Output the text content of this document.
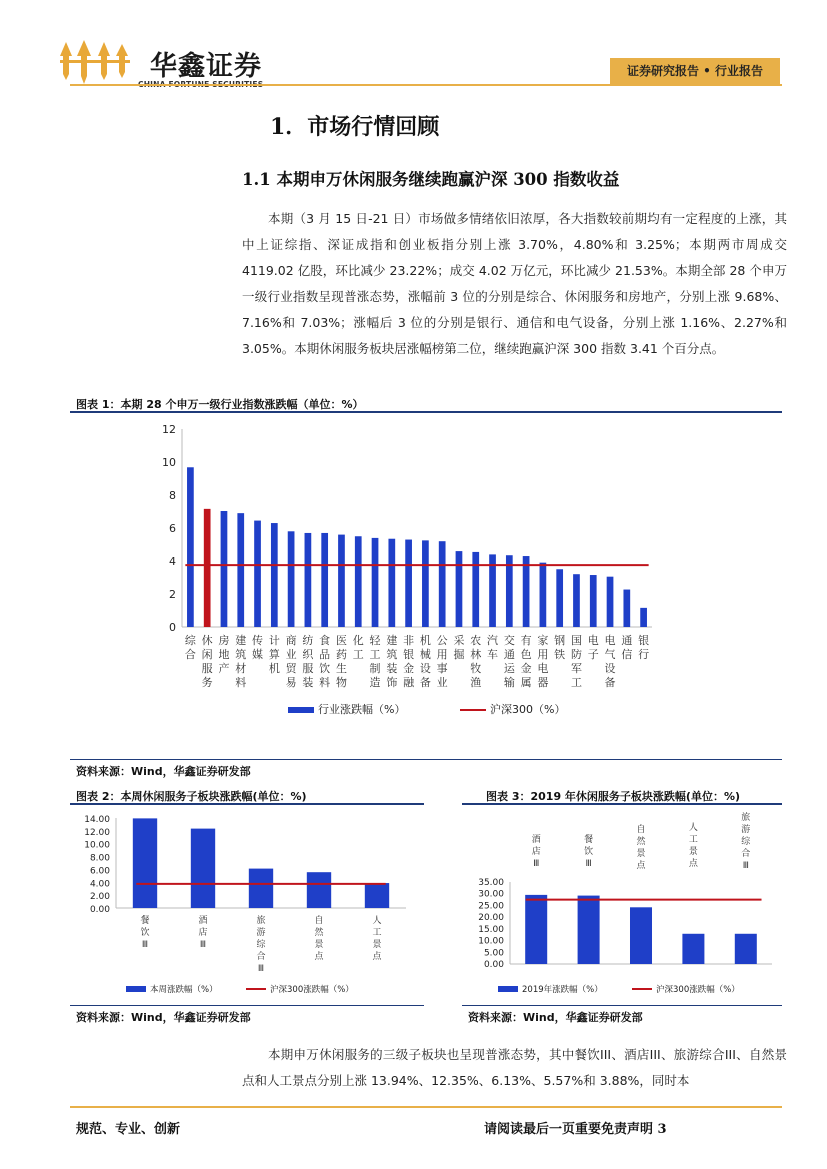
华鑫证券	证券研究报告 • 行业报告
1．市场行情回顾
1.1 本期申万休闲服务继续跑赢沪深 300 指数收益
本期（3 月 15 日-21 日）市场做多情绪依旧浓厚，各大指数较前期均有一定程度的上涨，其中上证综指、深证成指和创业板指分别上涨 3.70%，4.80%和 3.25%；本期两市周成交 4119.02 亿股，环比减少 23.22%；成交 4.02 万亿元，环比减少 21.53%。本期全部 28 个申万一级行业指数呈现普涨态势，涨幅前 3 位的分别是综合、休闲服务和房地产，分别上涨 9.68%、7.16%和 7.03%；涨幅后 3 位的分别是银行、通信和电气设备，分别上涨 1.16%、2.27%和 3.05%。本期休闲服务板块居涨幅榜第二位，继续跑赢沪深 300 指数 3.41 个百分点。
图表 1：本期 28 个申万一级行业指数涨跌幅（单位：%）
0
2
4
6
8
10
12
综合
休闲服务
房地产
建筑材料
传媒
计算机
商业贸易
纺织服装
食品饮料
医药生物
化工
轻工制造
建筑装饰
非银金融
机械设备
公用事业
采掘
农林牧渔
汽车
交通运输
有色金属
家用电器
钢铁
国防军工
电子
电气设备
通信
银行
行业涨跌幅（%）	沪深300（%）
资料来源：Wind，华鑫证券研发部
图表 2：本周休闲服务子板块涨跌幅(单位：%)
0.00
2.00
4.00
6.00
8.00
10.00
12.00
14.00
餐饮 Ⅲ
酒店 Ⅲ
旅游综合 Ⅲ
自然景点
人工景点
本周涨跌幅（%）	沪深300涨跌幅（%）
资料来源：Wind，华鑫证券研发部
图表 3：2019 年休闲服务子板块涨跌幅(单位：%)
0.00
5.00
10.00
15.00
20.00
25.00
30.00
35.00
酒店 Ⅲ
餐饮 Ⅲ
自然景点
人工景点
旅游综合 Ⅲ
2019年涨跌幅（%）	沪深300涨跌幅（%）
资料来源：Wind，华鑫证券研发部
本期申万休闲服务的三级子板块也呈现普涨态势，其中餐饮III、酒店III、旅游综合III、自然景点和人工景点分别上涨 13.94%、12.35%、6.13%、5.57%和 3.88%，同时本
规范、专业、创新	请阅读最后一页重要免责声明 3
